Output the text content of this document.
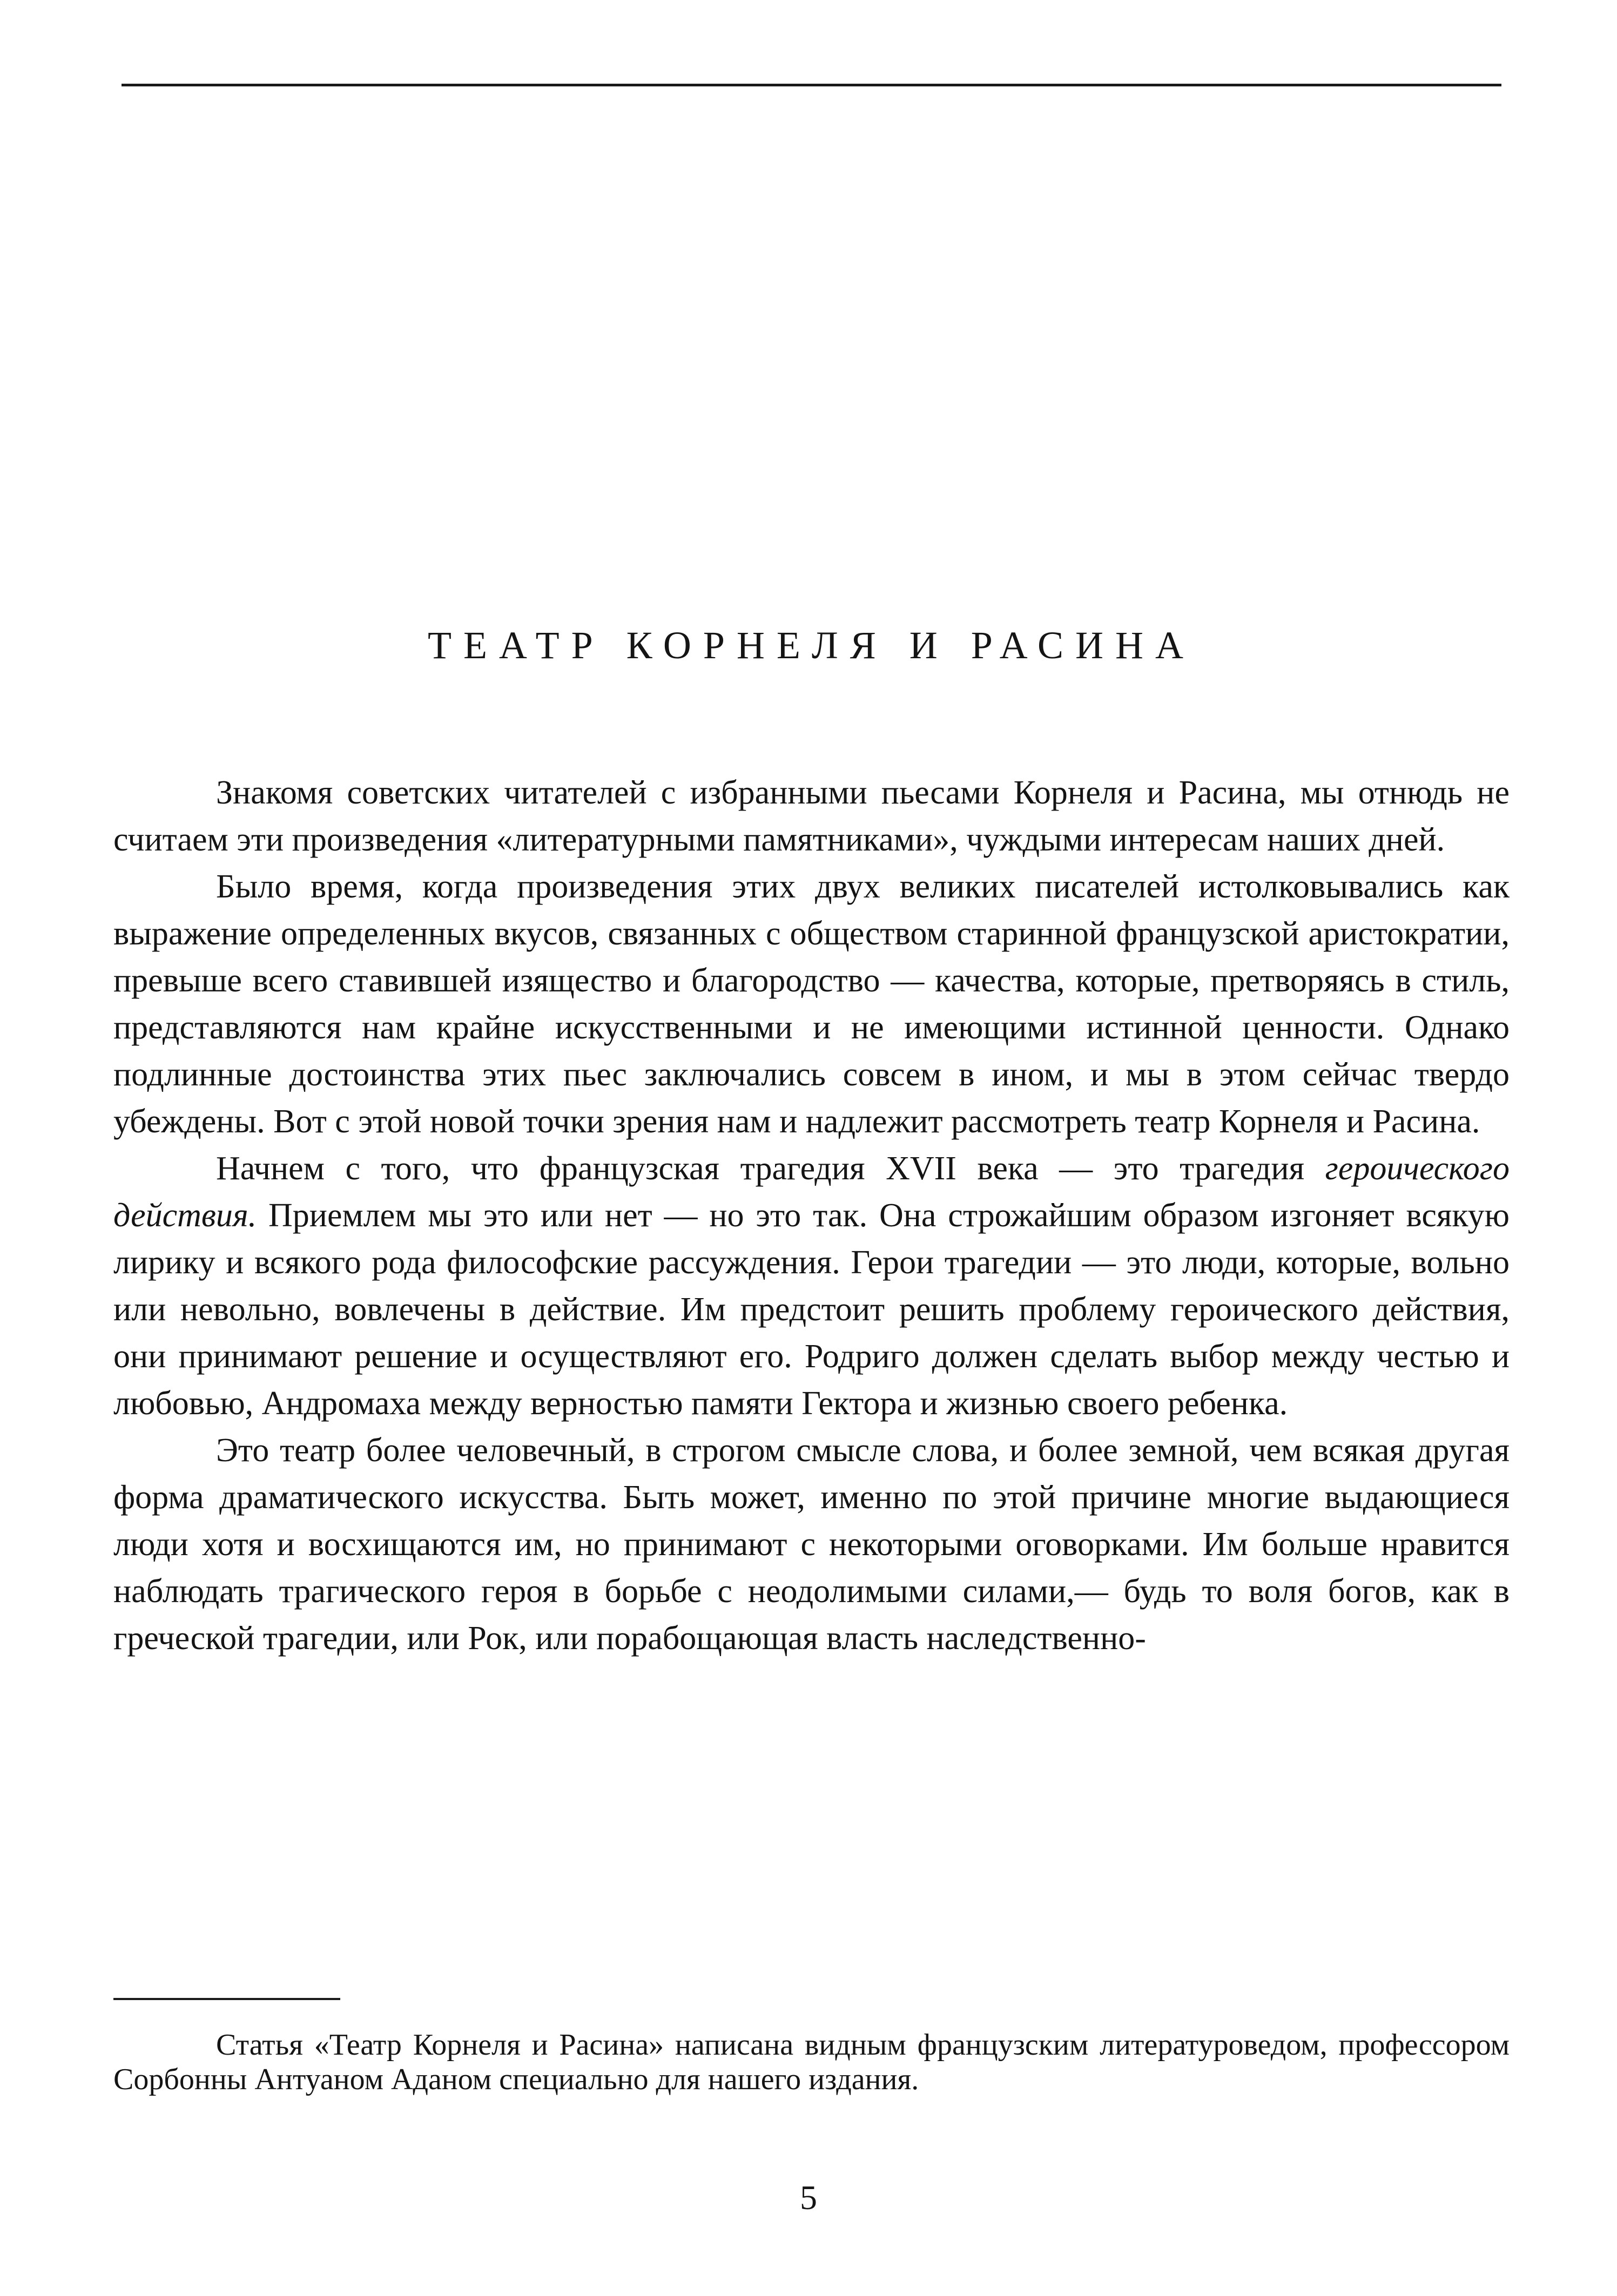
ТЕАТР КОРНЕЛЯ И РАСИНА

Знакомя советских читателей с избранными пьесами Корнеля и Расина, мы отнюдь не считаем эти произведения «литературными памятниками», чуждыми интересам наших дней.

Было время, когда произведения этих двух великих писателей истолковывались как выражение определенных вкусов, связанных с обществом старинной французской аристократии, превыше всего ставившей изящество и благородство — качества, которые, претворяясь в стиль, представляются нам крайне искусственными и не имеющими истинной ценности. Однако подлинные достоинства этих пьес заключались совсем в ином, и мы в этом сейчас твердо убеждены. Вот с этой новой точки зрения нам и надлежит рассмотреть театр Корнеля и Расина.

Начнем с того, что французская трагедия XVII века — это трагедия героического действия. Приемлем мы это или нет — но это так. Она строжайшим образом изгоняет всякую лирику и всякого рода философские рассуждения. Герои трагедии — это люди, которые, вольно или невольно, вовлечены в действие. Им предстоит решить проблему героического действия, они принимают решение и осуществляют его. Родриго должен сделать выбор между честью и любовью, Андромаха между верностью памяти Гектора и жизнью своего ребенка.

Это театр более человечный, в строгом смысле слова, и более земной, чем всякая другая форма драматического искусства. Быть может, именно по этой причине многие выдающиеся люди хотя и восхищаются им, но принимают с некоторыми оговорками. Им больше нравится наблюдать трагического героя в борьбе с неодолимыми силами,— будь то воля богов, как в греческой трагедии, или Рок, или порабощающая власть наследственно-

Статья «Театр Корнеля и Расина» написана видным французским литературоведом, профессором Сорбонны Антуаном Аданом специально для нашего издания.

5
